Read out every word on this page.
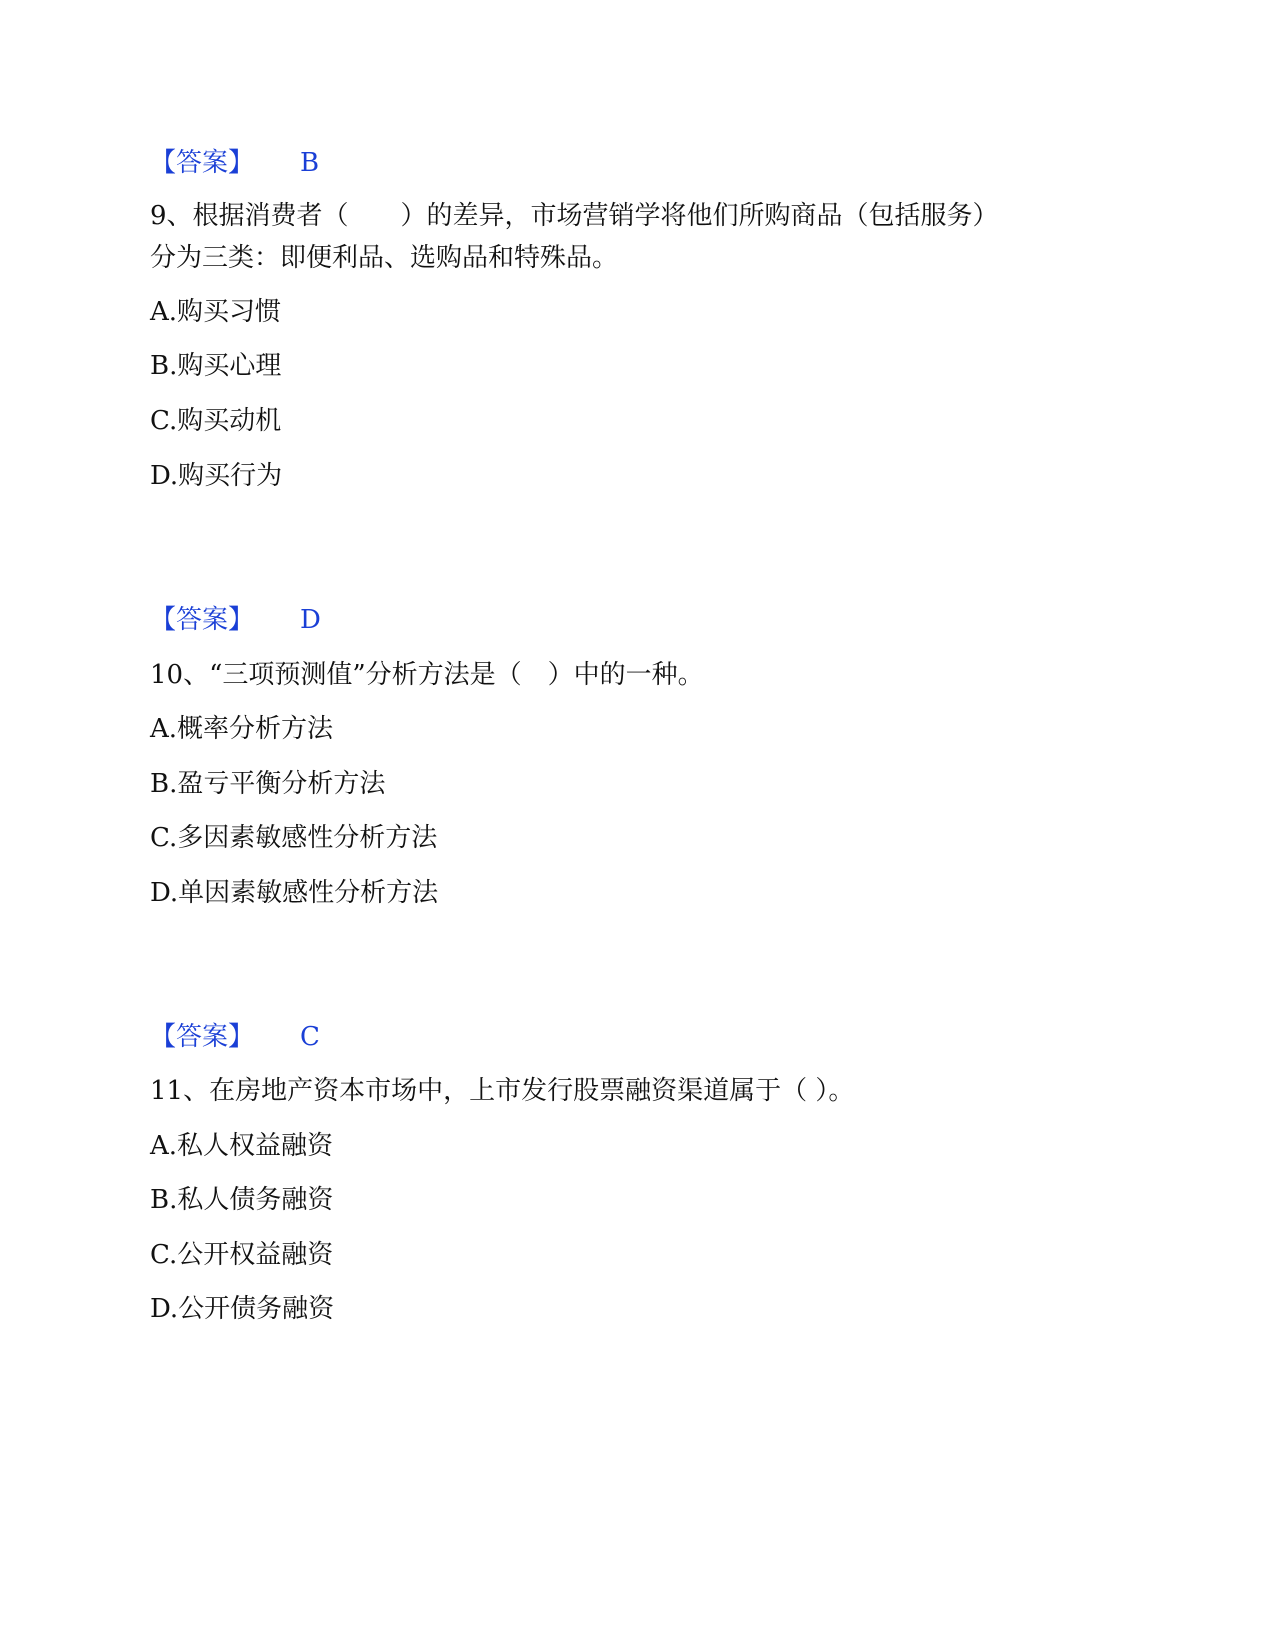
【答案】 B
9、根据消费者（　　）的差异，市场营销学将他们所购商品（包括服务）
分为三类：即便利品、选购品和特殊品。
A.购买习惯
B.购买心理
C.购买动机
D.购买行为
【答案】 D
10、“三项预测值”分析方法是（　）中的一种。
A.概率分析方法
B.盈亏平衡分析方法
C.多因素敏感性分析方法
D.单因素敏感性分析方法
【答案】 C
11、在房地产资本市场中，上市发行股票融资渠道属于（ ）。
A.私人权益融资
B.私人债务融资
C.公开权益融资
D.公开债务融资
